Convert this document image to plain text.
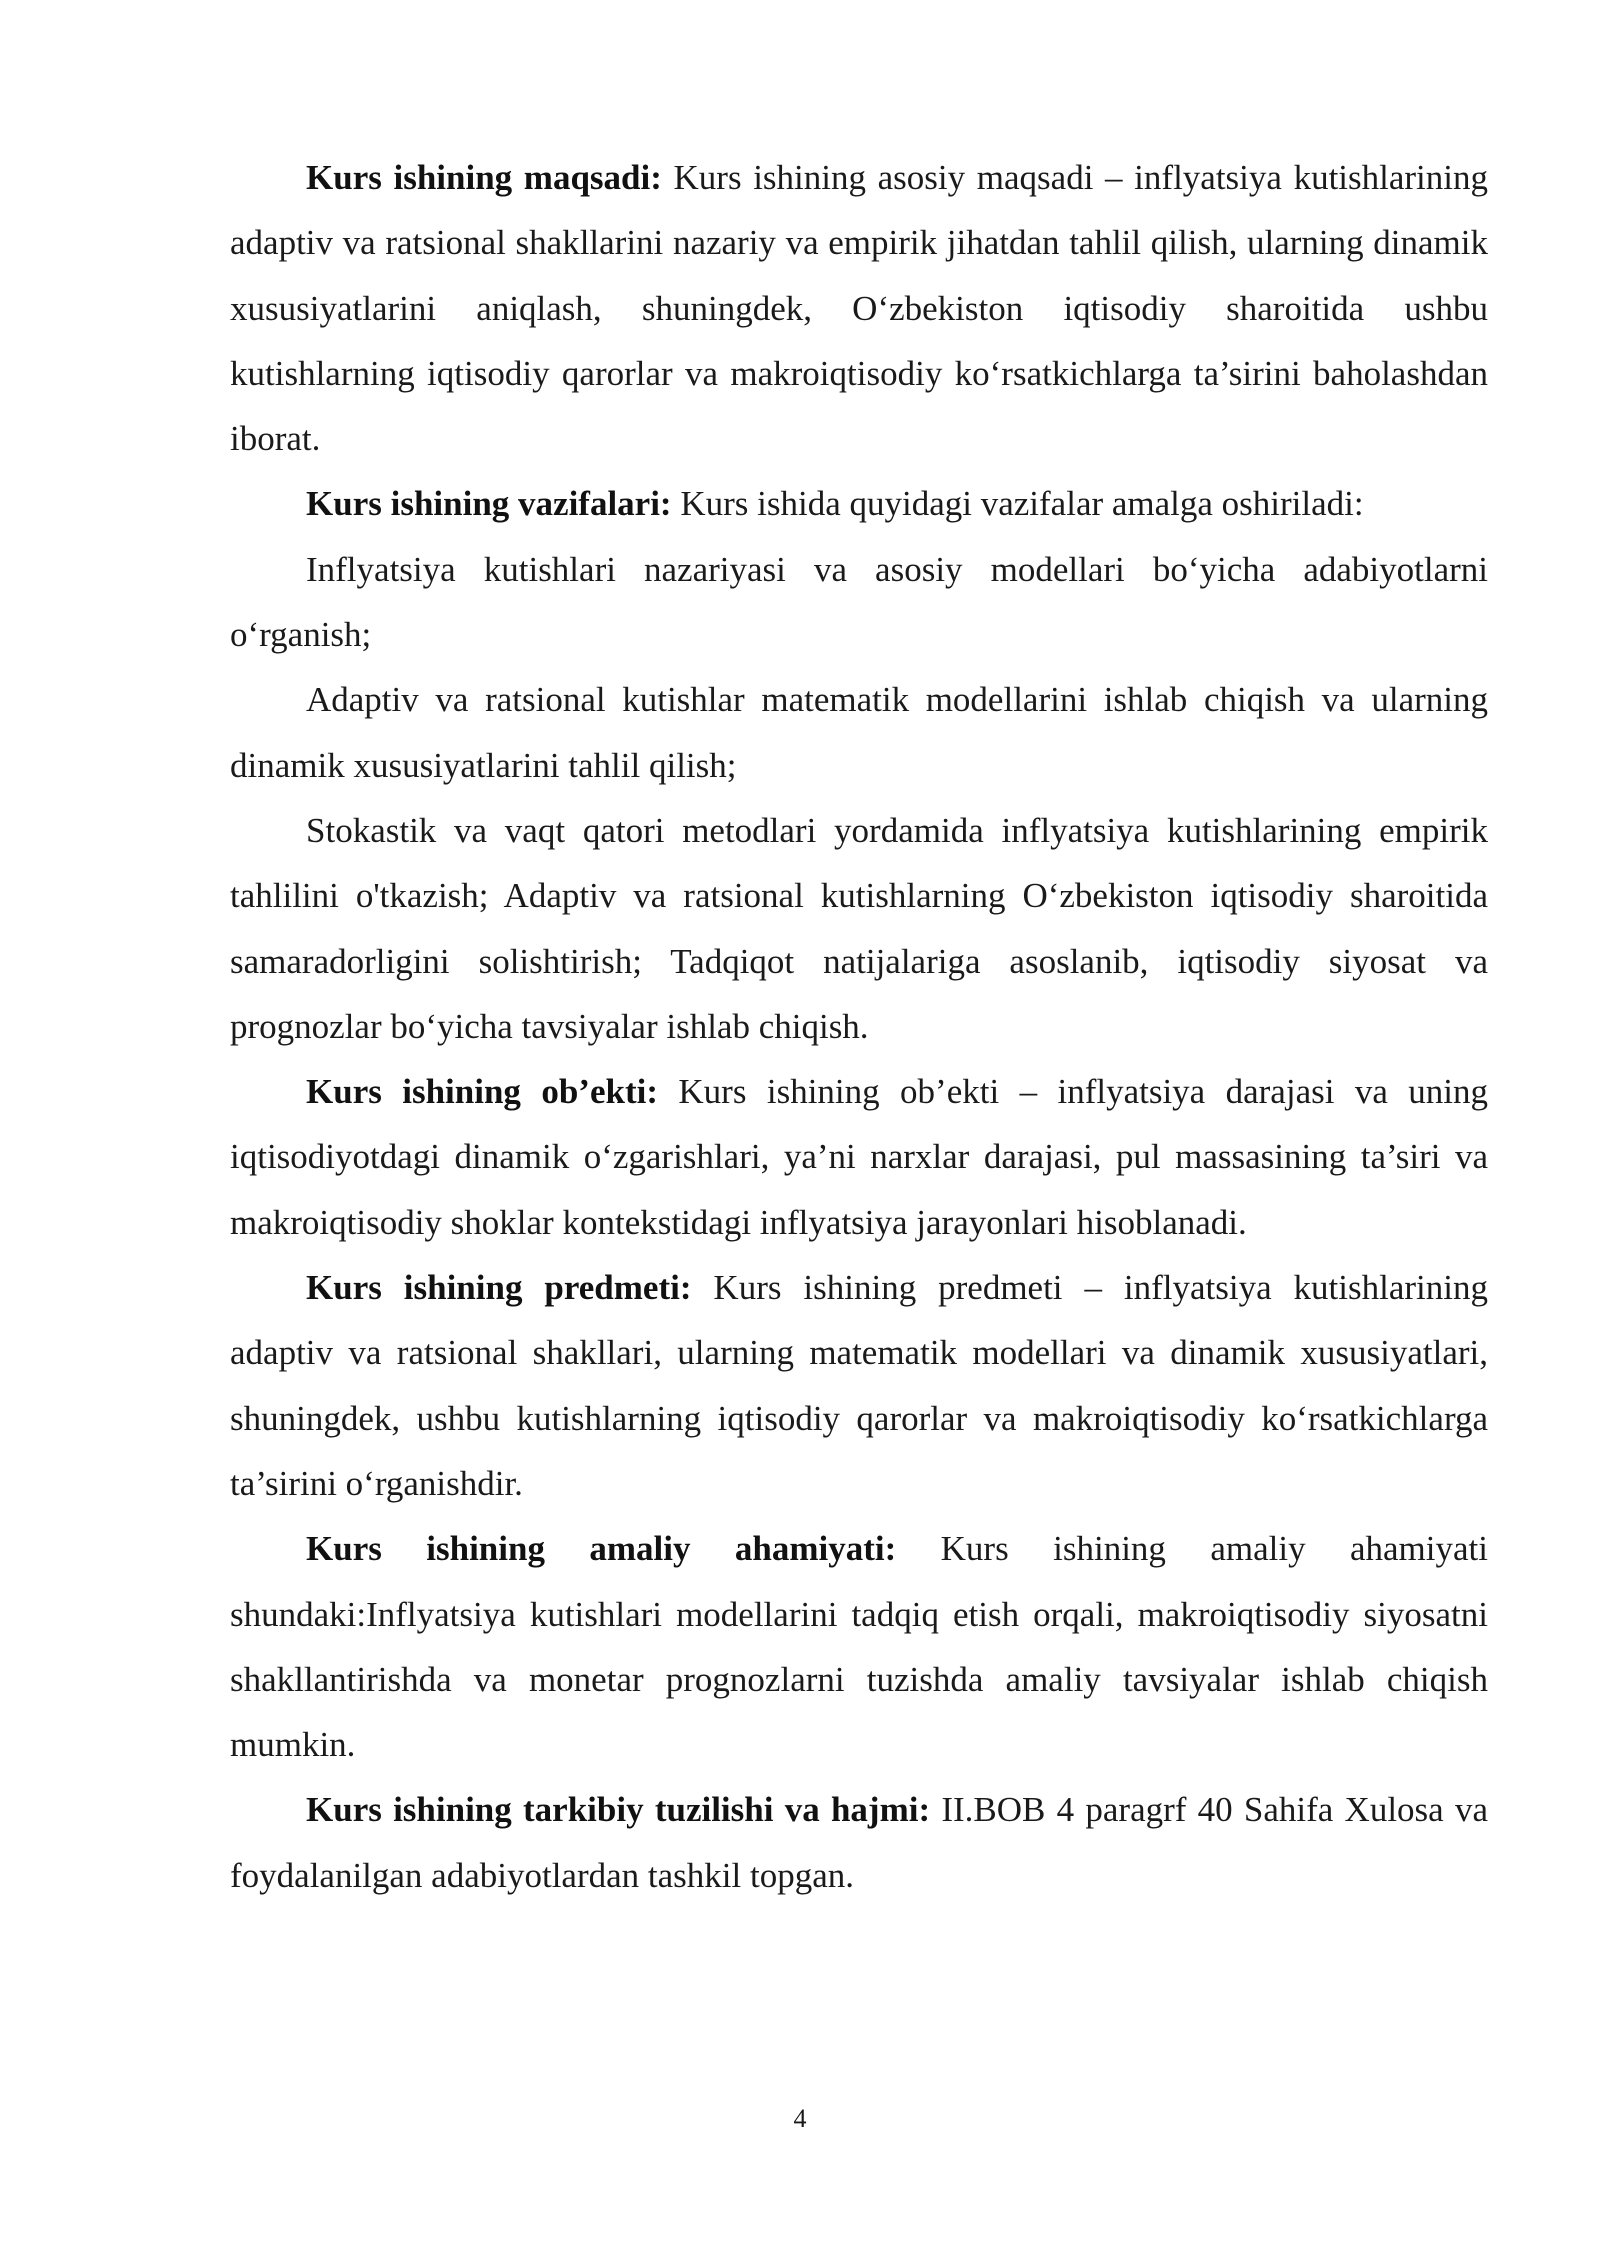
Kurs ishining maqsadi: Kurs ishining asosiy maqsadi – inflyatsiya kutishlarining adaptiv va ratsional shakllarini nazariy va empirik jihatdan tahlil qilish, ularning dinamik xususiyatlarini aniqlash, shuningdek, O‘zbekiston iqtisodiy sharoitida ushbu kutishlarning iqtisodiy qarorlar va makroiqtisodiy ko‘rsatkichlarga ta’sirini baholashdan iborat.

Kurs ishining vazifalari: Kurs ishida quyidagi vazifalar amalga oshiriladi:

Inflyatsiya kutishlari nazariyasi va asosiy modellari bo‘yicha adabiyotlarni o‘rganish;

Adaptiv va ratsional kutishlar matematik modellarini ishlab chiqish va ularning dinamik xususiyatlarini tahlil qilish;

Stokastik va vaqt qatori metodlari yordamida inflyatsiya kutishlarining empirik tahlilini o'tkazish; Adaptiv va ratsional kutishlarning O‘zbekiston iqtisodiy sharoitida samaradorligini solishtirish; Tadqiqot natijalariga asoslanib, iqtisodiy siyosat va prognozlar bo‘yicha tavsiyalar ishlab chiqish.

Kurs ishining ob’ekti: Kurs ishining ob’ekti – inflyatsiya darajasi va uning iqtisodiyotdagi dinamik o‘zgarishlari, ya’ni narxlar darajasi, pul massasining ta’siri va makroiqtisodiy shoklar kontekstidagi inflyatsiya jarayonlari hisoblanadi.

Kurs ishining predmeti: Kurs ishining predmeti – inflyatsiya kutishlarining adaptiv va ratsional shakllari, ularning matematik modellari va dinamik xususiyatlari, shuningdek, ushbu kutishlarning iqtisodiy qarorlar va makroiqtisodiy ko‘rsatkichlarga ta’sirini o‘rganishdir.

Kurs ishining amaliy ahamiyati: Kurs ishining amaliy ahamiyati shundaki:Inflyatsiya kutishlari modellarini tadqiq etish orqali, makroiqtisodiy siyosatni shakllantirishda va monetar prognozlarni tuzishda amaliy tavsiyalar ishlab chiqish mumkin.

Kurs ishining tarkibiy tuzilishi va hajmi: II.BOB 4 paragrf 40 Sahifa Xulosa va foydalanilgan adabiyotlardan tashkil topgan.

4
